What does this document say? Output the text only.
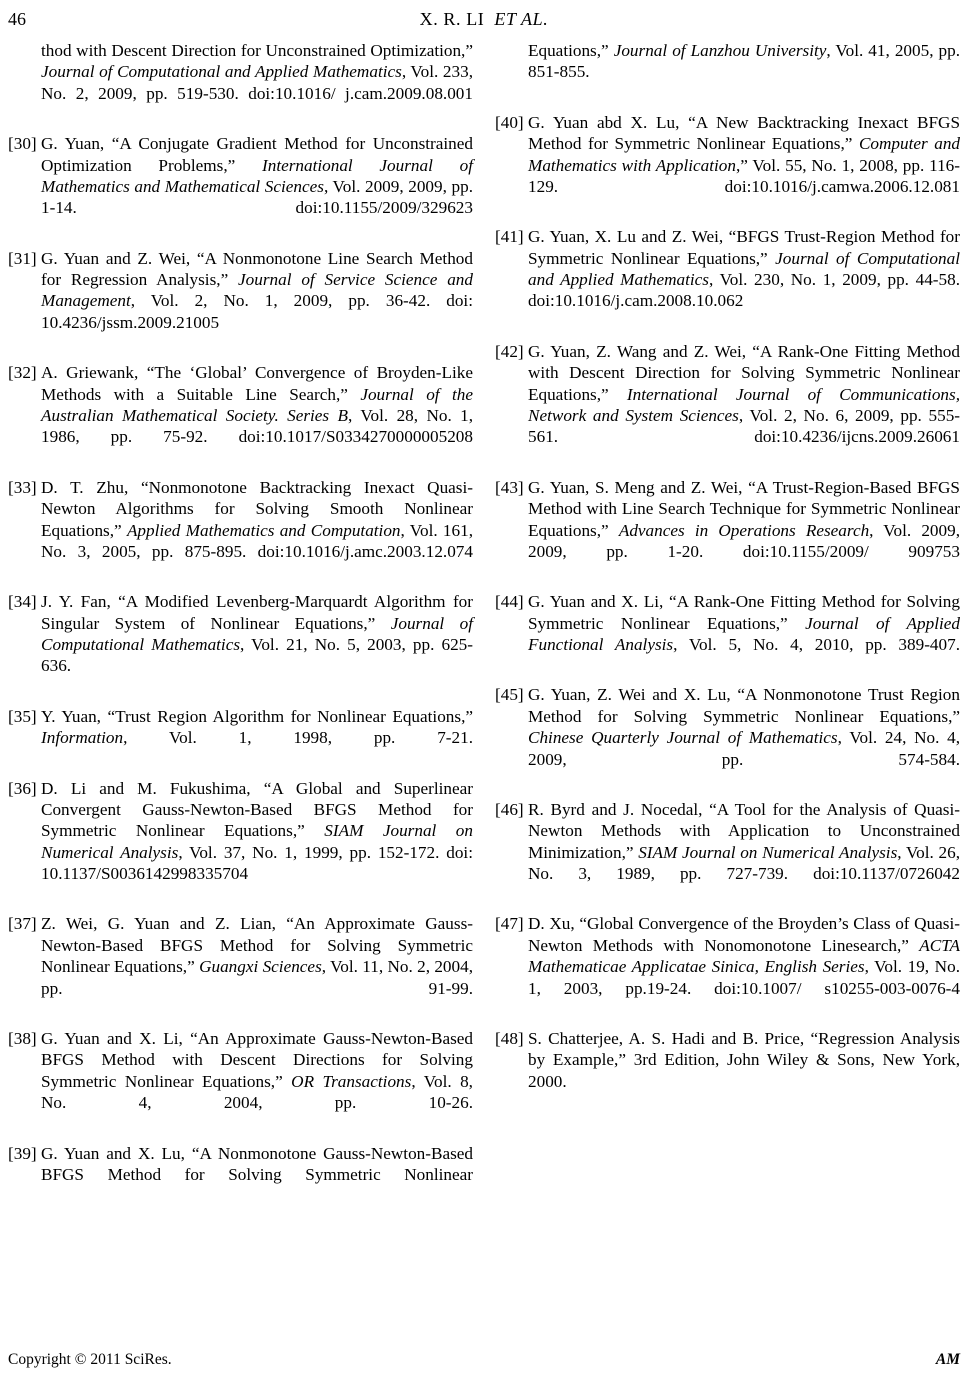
46	X. R. LI ET AL.
thod with Descent Direction for Unconstrained Optimization,” Journal of Computational and Applied Mathematics, Vol. 233, No. 2, 2009, pp. 519-530. doi:10.1016/ j.cam.2009.08.001
[30] G. Yuan, “A Conjugate Gradient Method for Unconstrained Optimization Problems,” International Journal of Mathematics and Mathematical Sciences, Vol. 2009, 2009, pp. 1-14. doi:10.1155/2009/329623
[31] G. Yuan and Z. Wei, “A Nonmonotone Line Search Method for Regression Analysis,” Journal of Service Science and Management, Vol. 2, No. 1, 2009, pp. 36-42. doi: 10.4236/jssm.2009.21005
[32] A. Griewank, “The ‘Global’ Convergence of Broyden-Like Methods with a Suitable Line Search,” Journal of the Australian Mathematical Society. Series B, Vol. 28, No. 1, 1986, pp. 75-92. doi:10.1017/S0334270000005208
[33] D. T. Zhu, “Nonmonotone Backtracking Inexact Quasi-Newton Algorithms for Solving Smooth Nonlinear Equations,” Applied Mathematics and Computation, Vol. 161, No. 3, 2005, pp. 875-895. doi:10.1016/j.amc.2003.12.074
[34] J. Y. Fan, “A Modified Levenberg-Marquardt Algorithm for Singular System of Nonlinear Equations,” Journal of Computational Mathematics, Vol. 21, No. 5, 2003, pp. 625-636.
[35] Y. Yuan, “Trust Region Algorithm for Nonlinear Equations,” Information, Vol. 1, 1998, pp. 7-21.
[36] D. Li and M. Fukushima, “A Global and Superlinear Convergent Gauss-Newton-Based BFGS Method for Symmetric Nonlinear Equations,” SIAM Journal on Numerical Analysis, Vol. 37, No. 1, 1999, pp. 152-172. doi: 10.1137/S0036142998335704
[37] Z. Wei, G. Yuan and Z. Lian, “An Approximate Gauss-Newton-Based BFGS Method for Solving Symmetric Nonlinear Equations,” Guangxi Sciences, Vol. 11, No. 2, 2004, pp. 91-99.
[38] G. Yuan and X. Li, “An Approximate Gauss-Newton-Based BFGS Method with Descent Directions for Solving Symmetric Nonlinear Equations,” OR Transactions, Vol. 8, No. 4, 2004, pp. 10-26.
[39] G. Yuan and X. Lu, “A Nonmonotone Gauss-Newton-Based BFGS Method for Solving Symmetric Nonlinear
Equations,” Journal of Lanzhou University, Vol. 41, 2005, pp. 851-855.
[40] G. Yuan abd X. Lu, “A New Backtracking Inexact BFGS Method for Symmetric Nonlinear Equations,” Computer and Mathematics with Application,” Vol. 55, No. 1, 2008, pp. 116-129. doi:10.1016/j.camwa.2006.12.081
[41] G. Yuan, X. Lu and Z. Wei, “BFGS Trust-Region Method for Symmetric Nonlinear Equations,” Journal of Computational and Applied Mathematics, Vol. 230, No. 1, 2009, pp. 44-58. doi:10.1016/j.cam.2008.10.062
[42] G. Yuan, Z. Wang and Z. Wei, “A Rank-One Fitting Method with Descent Direction for Solving Symmetric Nonlinear Equations,” International Journal of Communications, Network and System Sciences, Vol. 2, No. 6, 2009, pp. 555-561. doi:10.4236/ijcns.2009.26061
[43] G. Yuan, S. Meng and Z. Wei, “A Trust-Region-Based BFGS Method with Line Search Technique for Symmetric Nonlinear Equations,” Advances in Operations Research, Vol. 2009, 2009, pp. 1-20. doi:10.1155/2009/ 909753
[44] G. Yuan and X. Li, “A Rank-One Fitting Method for Solving Symmetric Nonlinear Equations,” Journal of Applied Functional Analysis, Vol. 5, No. 4, 2010, pp. 389-407.
[45] G. Yuan, Z. Wei and X. Lu, “A Nonmonotone Trust Region Method for Solving Symmetric Nonlinear Equations,” Chinese Quarterly Journal of Mathematics, Vol. 24, No. 4, 2009, pp. 574-584.
[46] R. Byrd and J. Nocedal, “A Tool for the Analysis of Quasi-Newton Methods with Application to Unconstrained Minimization,” SIAM Journal on Numerical Analysis, Vol. 26, No. 3, 1989, pp. 727-739. doi:10.1137/0726042
[47] D. Xu, “Global Convergence of the Broyden’s Class of Quasi-Newton Methods with Nonomonotone Linesearch,” ACTA Mathematicae Applicatae Sinica, English Series, Vol. 19, No. 1, 2003, pp.19-24. doi:10.1007/ s10255-003-0076-4
[48] S. Chatterjee, A. S. Hadi and B. Price, “Regression Analysis by Example,” 3rd Edition, John Wiley & Sons, New York, 2000.
Copyright © 2011 SciRes.	AM
